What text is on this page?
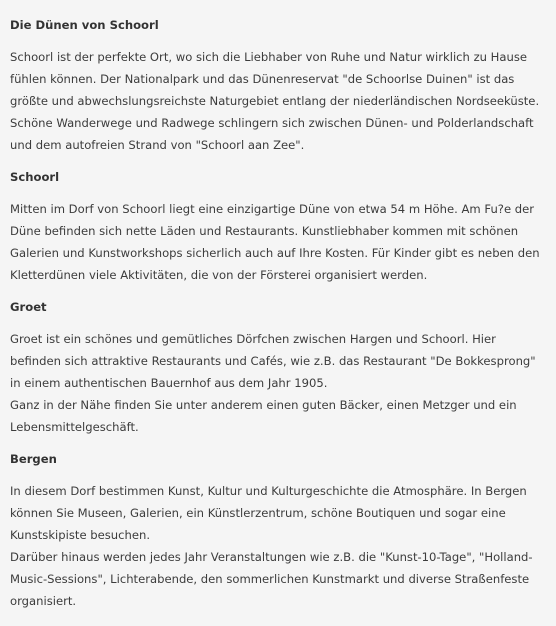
Die Dünen von Schoorl

Schoorl ist der perfekte Ort, wo sich die Liebhaber von Ruhe und Natur wirklich zu Hause fühlen können. Der Nationalpark und das Dünenreservat "de Schoorlse Duinen" ist das größte und abwechslungsreichste Naturgebiet entlang der niederländischen Nordseeküste.
Schöne Wanderwege und Radwege schlingern sich zwischen Dünen- und Polderlandschaft und dem autofreien Strand von "Schoorl aan Zee".

Schoorl

Mitten im Dorf von Schoorl liegt eine einzigartige Düne von etwa 54 m Höhe. Am Fu?e der Düne befinden sich nette Läden und Restaurants. Kunstliebhaber kommen mit schönen Galerien und Kunstworkshops sicherlich auch auf Ihre Kosten. Für Kinder gibt es neben den Kletterdünen viele Aktivitäten, die von der Försterei organisiert werden.

Groet

Groet ist ein schönes und gemütliches Dörfchen zwischen Hargen und Schoorl. Hier befinden sich attraktive Restaurants und Cafés, wie z.B. das Restaurant "De Bokkesprong" in einem authentischen Bauernhof aus dem Jahr 1905.
Ganz in der Nähe finden Sie unter anderem einen guten Bäcker, einen Metzger und ein Lebensmittelgeschäft.

Bergen

In diesem Dorf bestimmen Kunst, Kultur und Kulturgeschichte die Atmosphäre. In Bergen können Sie Museen, Galerien, ein Künstlerzentrum, schöne Boutiquen und sogar eine Kunstskipiste besuchen.
Darüber hinaus werden jedes Jahr Veranstaltungen wie z.B. die "Kunst-10-Tage", "Holland-Music-Sessions", Lichterabende, den sommerlichen Kunstmarkt und diverse Straßenfeste organisiert.
